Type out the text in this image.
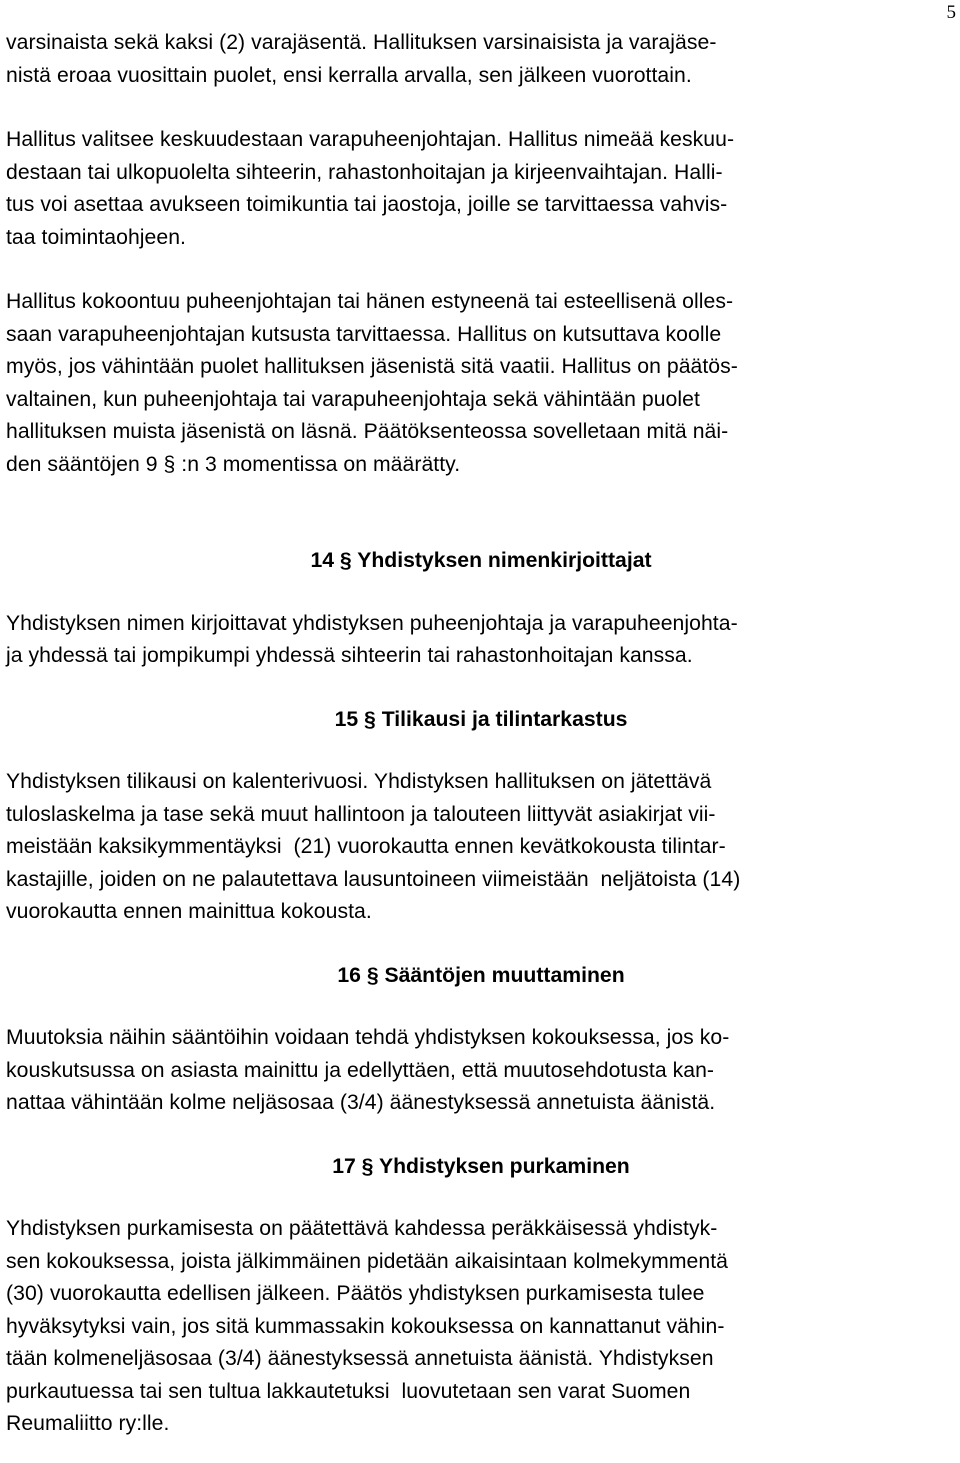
5
varsinaista sekä kaksi (2) varajäsentä. Hallituksen varsinaisista ja varajäse-
nistä eroaa vuosittain puolet, ensi kerralla arvalla, sen jälkeen vuorottain.
Hallitus valitsee keskuudestaan varapuheenjohtajan. Hallitus nimeää keskuu-
destaan tai ulkopuolelta sihteerin, rahastonhoitajan ja kirjeenvaihtajan. Halli-
tus voi asettaa avukseen toimikuntia tai jaostoja, joille se tarvittaessa vahvis-
taa toimintaohjeen.
Hallitus kokoontuu puheenjohtajan tai hänen estyneenä tai esteellisenä olles-
saan varapuheenjohtajan kutsusta tarvittaessa. Hallitus on kutsuttava koolle
myös, jos vähintään puolet hallituksen jäsenistä sitä vaatii. Hallitus on päätös-
valtainen, kun puheenjohtaja tai varapuheenjohtaja sekä vähintään puolet
hallituksen muista jäsenistä on läsnä. Päätöksenteossa sovelletaan mitä näi-
den sääntöjen 9 § :n 3 momentissa on määrätty.
14 § Yhdistyksen nimenkirjoittajat
Yhdistyksen nimen kirjoittavat yhdistyksen puheenjohtaja ja varapuheenjohta-
ja yhdessä tai jompikumpi yhdessä sihteerin tai rahastonhoitajan kanssa.
15 § Tilikausi ja tilintarkastus
Yhdistyksen tilikausi on kalenterivuosi. Yhdistyksen hallituksen on jätettävä
tuloslaskelma ja tase sekä muut hallintoon ja talouteen liittyvät asiakirjat vii-
meistään kaksikymmentäyksi  (21) vuorokautta ennen kevätkokousta tilintar-
kastajille, joiden on ne palautettava lausuntoineen viimeistään  neljätoista (14)
vuorokautta ennen mainittua kokousta.
16 § Sääntöjen muuttaminen
Muutoksia näihin sääntöihin voidaan tehdä yhdistyksen kokouksessa, jos ko-
kouskutsussa on asiasta mainittu ja edellyttäen, että muutosehdotusta kan-
nattaa vähintään kolme neljäsosaa (3/4) äänestyksessä annetuista äänistä.
17 § Yhdistyksen purkaminen
Yhdistyksen purkamisesta on päätettävä kahdessa peräkkäisessä yhdistyk-
sen kokouksessa, joista jälkimmäinen pidetään aikaisintaan kolmekymmentä
(30) vuorokautta edellisen jälkeen. Päätös yhdistyksen purkamisesta tulee
hyväksytyksi vain, jos sitä kummassakin kokouksessa on kannattanut vähin-
tään kolmeneljäsosaa (3/4) äänestyksessä annetuista äänistä. Yhdistyksen
purkautuessa tai sen tultua lakkautetuksi  luovutetaan sen varat Suomen
Reumaliitto ry:lle.
